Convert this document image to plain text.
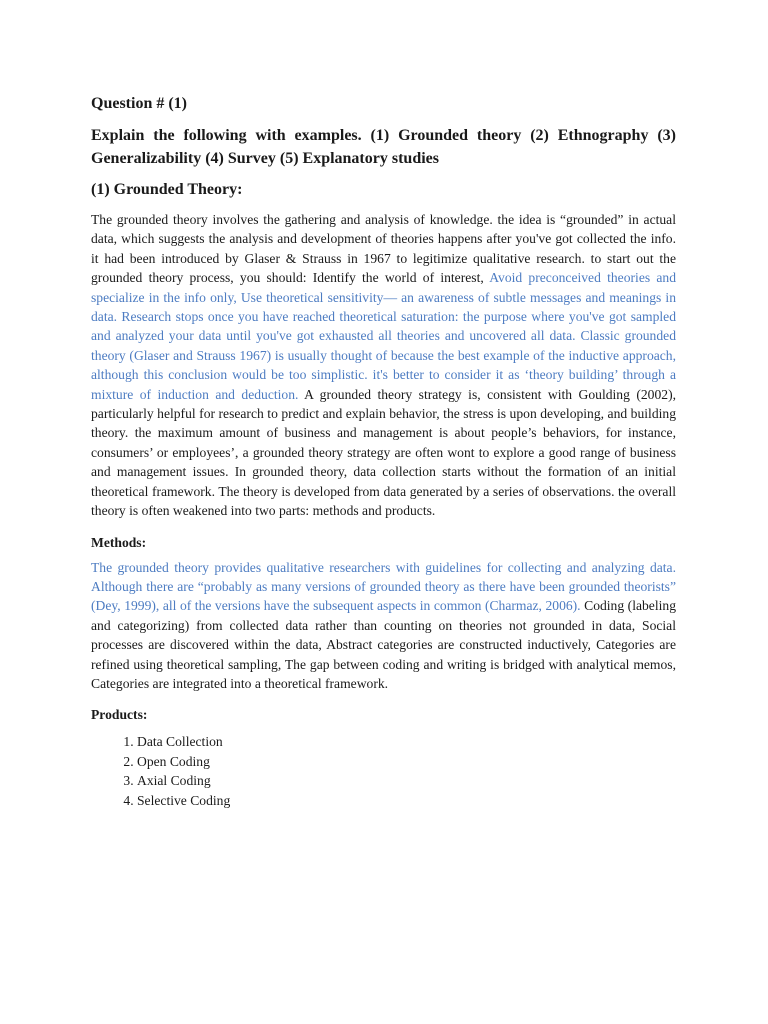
Question # (1)
Explain the following with examples. (1) Grounded theory (2) Ethnography (3) Generalizability (4) Survey (5) Explanatory studies
(1) Grounded Theory:

The grounded theory involves the gathering and analysis of knowledge. the idea is “grounded” in actual data, which suggests the analysis and development of theories happens after you've got collected the info. it had been introduced by Glaser & Strauss in 1967 to legitimize qualitative research. to start out the grounded theory process, you should: Identify the world of interest, Avoid preconceived theories and specialize in the info only, Use theoretical sensitivity— an awareness of subtle messages and meanings in data. Research stops once you have reached theoretical saturation: the purpose where you've got sampled and analyzed your data until you've got exhausted all theories and uncovered all data. Classic grounded theory (Glaser and Strauss 1967) is usually thought of because the best example of the inductive approach, although this conclusion would be too simplistic. it's better to consider it as ‘theory building’ through a mixture of induction and deduction. A grounded theory strategy is, consistent with Goulding (2002), particularly helpful for research to predict and explain behavior, the stress is upon developing, and building theory. the maximum amount of business and management is about people’s behaviors, for instance, consumers’ or employees’, a grounded theory strategy are often wont to explore a good range of business and management issues. In grounded theory, data collection starts without the formation of an initial theoretical framework. The theory is developed from data generated by a series of observations. the overall theory is often weakened into two parts: methods and products.

Methods:

The grounded theory provides qualitative researchers with guidelines for collecting and analyzing data. Although there are “probably as many versions of grounded theory as there have been grounded theorists” (Dey, 1999), all of the versions have the subsequent aspects in common (Charmaz, 2006). Coding (labeling and categorizing) from collected data rather than counting on theories not grounded in data, Social processes are discovered within the data, Abstract categories are constructed inductively, Categories are refined using theoretical sampling, The gap between coding and writing is bridged with analytical memos, Categories are integrated into a theoretical framework.

Products:
1. Data Collection
2. Open Coding
3. Axial Coding
4. Selective Coding
